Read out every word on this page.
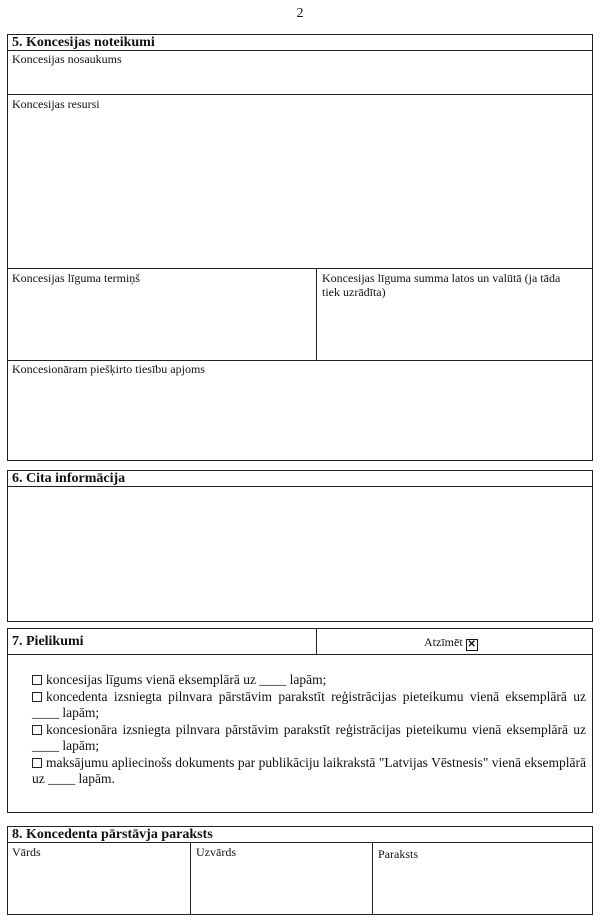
2
5. Koncesijas noteikumi
Koncesijas nosaukums
Koncesijas resursi
Koncesijas līguma termiņš	Koncesijas līguma summa latos un valūtā (ja tāda tiek uzrādīta)
Koncesionāram piešķirto tiesību apjoms
6. Cita informācija
7. Pielikumi	Atzīmēt ✕
koncesijas līgums vienā eksemplārā uz ____ lapām;
koncedenta izsniegta pilnvara pārstāvim parakstīt reģistrācijas pieteikumu vienā eksemplārā uz ____ lapām;
koncesionāra izsniegta pilnvara pārstāvim parakstīt reģistrācijas pieteikumu vienā eksemplārā uz ____ lapām;
maksājumu apliecinošs dokuments par publikāciju laikrakstā "Latvijas Vēstnesis" vienā eksemplārā uz ____ lapām.
8. Koncedenta pārstāvja paraksts
Vārds	Uzvārds	Paraksts
